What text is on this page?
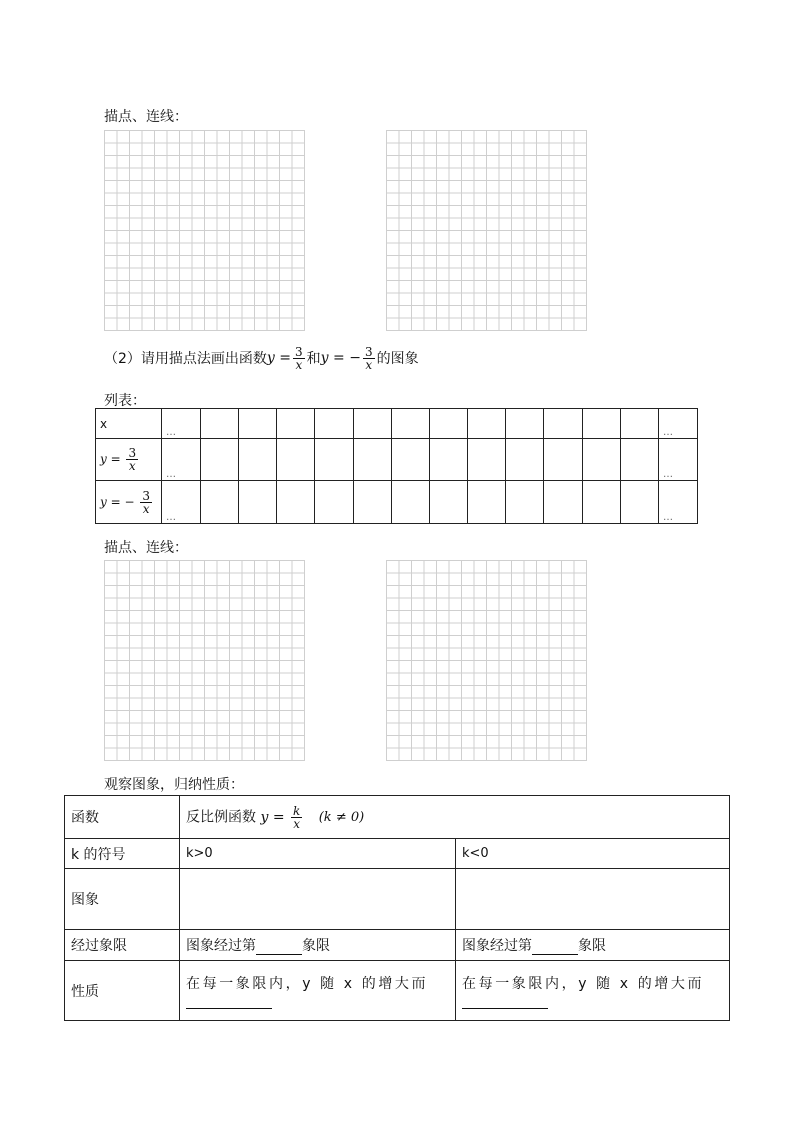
描点、连线：
（2）请用描点法画出函数 $y = \frac{3}{x}$ 和 y = − $\frac{3}{x}$ 的图象
列表：
x	…													…
$y = \frac{3}{x}$	…													…
y = − $\frac{3}{x}$	…													…
描点、连线：
观察图象，归纳性质：
函数	反比例函数 $y = \frac{k}{x} (k \ne 0)$	
k 的符号	k>0	k<0
图象		
经过象限	图象经过第 象限	图象经过第 象限
性质	在每一象限内，y 随 x 的增大而	在每一象限内，y 随 x 的增大而
